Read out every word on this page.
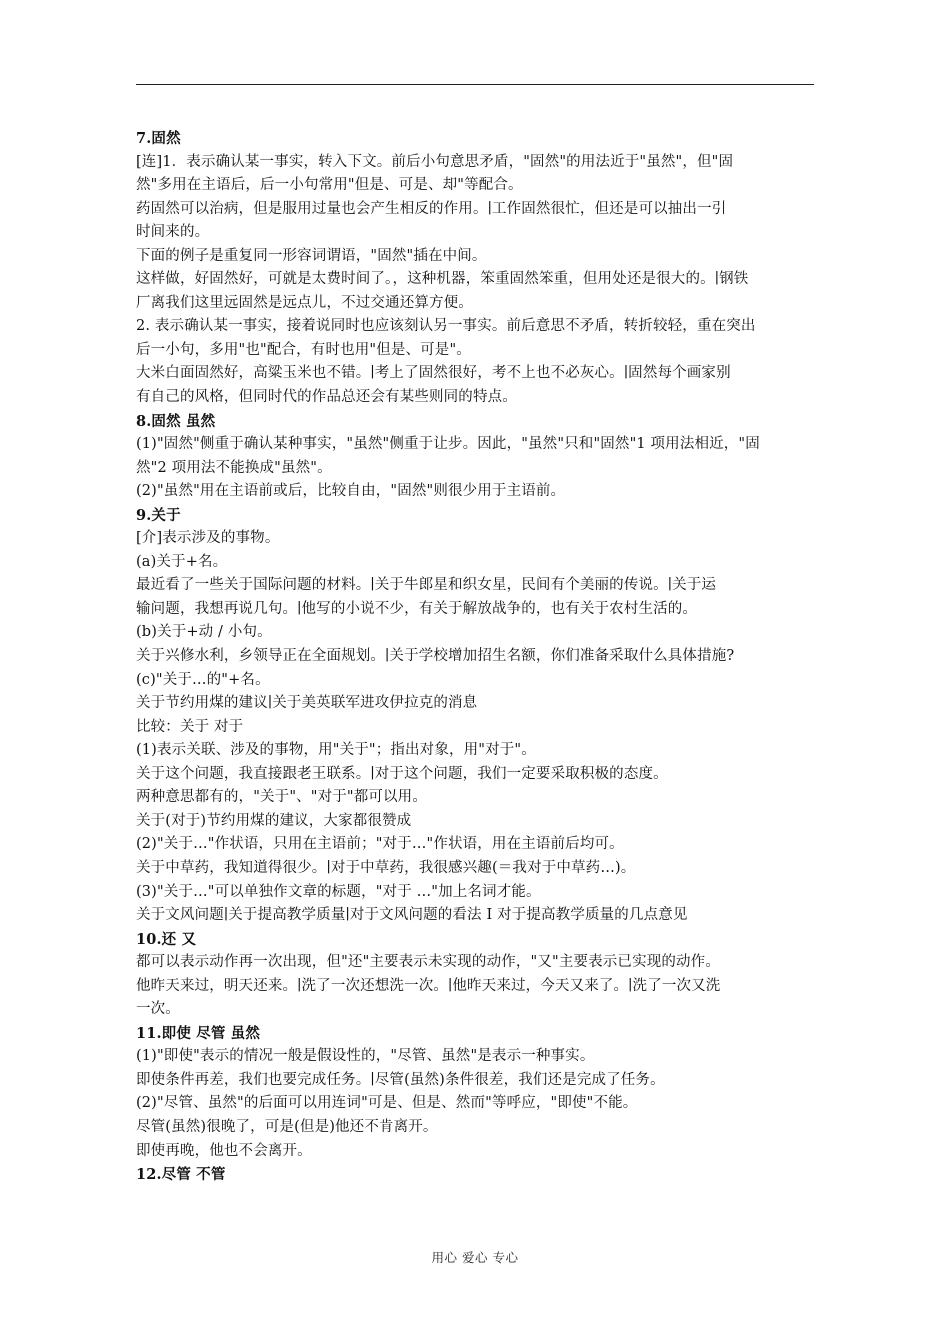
7.固然
[连]1．表示确认某一事实，转入下文。前后小句意思矛盾，"固然"的用法近于"虽然"，但"固
然"多用在主语后，后一小句常用"但是、可是、却"等配合。
药固然可以治病，但是服用过量也会产生相反的作用。∣工作固然很忙，但还是可以抽出一引
时间来的。
下面的例子是重复同一形容词谓语，"固然"插在中间。
这样做，好固然好，可就是太费时间了。，这种机器，笨重固然笨重，但用处还是很大的。∣钢铁
厂离我们这里远固然是远点儿，不过交通还算方便。
2. 表示确认某一事实，接着说同时也应该刻认另一事实。前后意思不矛盾，转折较轻，重在突出
后一小句，多用"也"配合，有时也用"但是、可是"。
大米白面固然好，高粱玉米也不错。∣考上了固然很好，考不上也不必灰心。∣固然每个画家别
有自己的风格，但同时代的作品总还会有某些则同的特点。
8.固然 虽然
(1)"固然"侧重于确认某种事实，"虽然"侧重于让步。因此，"虽然"只和"固然"1 项用法相近，"固
然"2 项用法不能换成"虽然"。
(2)"虽然"用在主语前或后，比较自由，"固然"则很少用于主语前。
9.关于
[介]表示涉及的事物。
(a)关于+名。
最近看了一些关于国际问题的材料。∣关于牛郎星和织女星，民间有个美丽的传说。∣关于运
输问题，我想再说几句。∣他写的小说不少，有关于解放战争的，也有关于农村生活的。
(b)关于+动 / 小句。
关于兴修水利，乡领导正在全面规划。∣关于学校增加招生名额，你们准备采取什么具体措施?
(c)"关于…的"+名。
关于节约用煤的建议∣关于美英联军进攻伊拉克的消息
比较：关于 对于
(1)表示关联、涉及的事物，用"关于"；指出对象，用"对于"。
关于这个问题，我直接跟老王联系。∣对于这个问题，我们一定要采取积极的态度。
两种意思都有的，"关于"、"对于"都可以用。
关于(对于)节约用煤的建议，大家都很赞成
(2)"关于…"作状语，只用在主语前；"对于…"作状语，用在主语前后均可。
关于中草药，我知道得很少。∣对于中草药，我很感兴趣(＝我对于中草药…)。
(3)"关于…"可以单独作文章的标题，"对于 …"加上名词才能。
关于文风问题∣关于提高教学质量∣对于文风问题的看法 I 对于提高教学质量的几点意见
10.还 又
都可以表示动作再一次出现，但"还"主要表示未实现的动作，"又"主要表示已实现的动作。
他昨天来过，明天还来。∣洗了一次还想洗一次。∣他昨天来过，今天又来了。∣洗了一次又洗
一次。
11.即使 尽管 虽然
(1)"即使"表示的情况一般是假设性的，"尽管、虽然"是表示一种事实。
即使条件再差，我们也要完成任务。∣尽管(虽然)条件很差，我们还是完成了任务。
(2)"尽管、虽然"的后面可以用连词"可是、但是、然而"等呼应，"即使"不能。
尽管(虽然)很晚了，可是(但是)他还不肯离开。
即使再晚，他也不会离开。
12.尽管 不管
用心 爱心 专心
